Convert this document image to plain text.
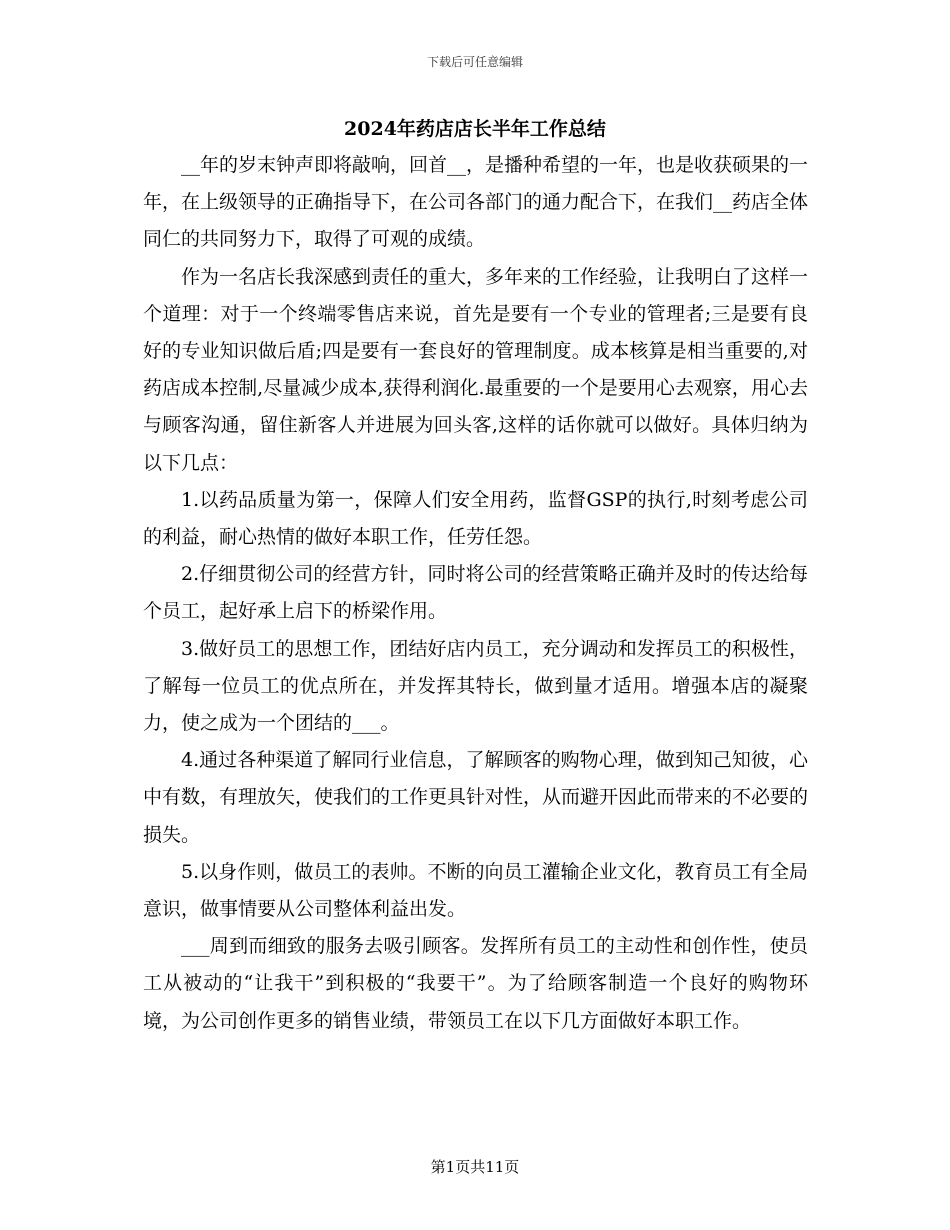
下载后可任意编辑
2024年药店店长半年工作总结

__年的岁末钟声即将敲响，回首__，是播种希望的一年，也是收获硕果的一年，在上级领导的正确指导下，在公司各部门的通力配合下，在我们__药店全体同仁的共同努力下，取得了可观的成绩。

作为一名店长我深感到责任的重大，多年来的工作经验，让我明白了这样一个道理：对于一个终端零售店来说，首先是要有一个专业的管理者;三是要有良好的专业知识做后盾;四是要有一套良好的管理制度。成本核算是相当重要的,对药店成本控制,尽量减少成本,获得利润化.最重要的一个是要用心去观察，用心去与顾客沟通，留住新客人并进展为回头客,这样的话你就可以做好。具体归纳为以下几点：

1.以药品质量为第一，保障人们安全用药，监督GSP的执行,时刻考虑公司的利益，耐心热情的做好本职工作，任劳任怨。

2.仔细贯彻公司的经营方针，同时将公司的经营策略正确并及时的传达给每个员工，起好承上启下的桥梁作用。

3.做好员工的思想工作，团结好店内员工，充分调动和发挥员工的积极性，了解每一位员工的优点所在，并发挥其特长，做到量才适用。增强本店的凝聚力，使之成为一个团结的___。

4.通过各种渠道了解同行业信息，了解顾客的购物心理，做到知己知彼，心中有数，有理放矢，使我们的工作更具针对性，从而避开因此而带来的不必要的损失。

5.以身作则，做员工的表帅。不断的向员工灌输企业文化，教育员工有全局意识，做事情要从公司整体利益出发。

___周到而细致的服务去吸引顾客。发挥所有员工的主动性和创作性，使员工从被动的“让我干”到积极的“我要干”。为了给顾客制造一个良好的购物环境，为公司创作更多的销售业绩，带领员工在以下几方面做好本职工作。

第1页共11页
